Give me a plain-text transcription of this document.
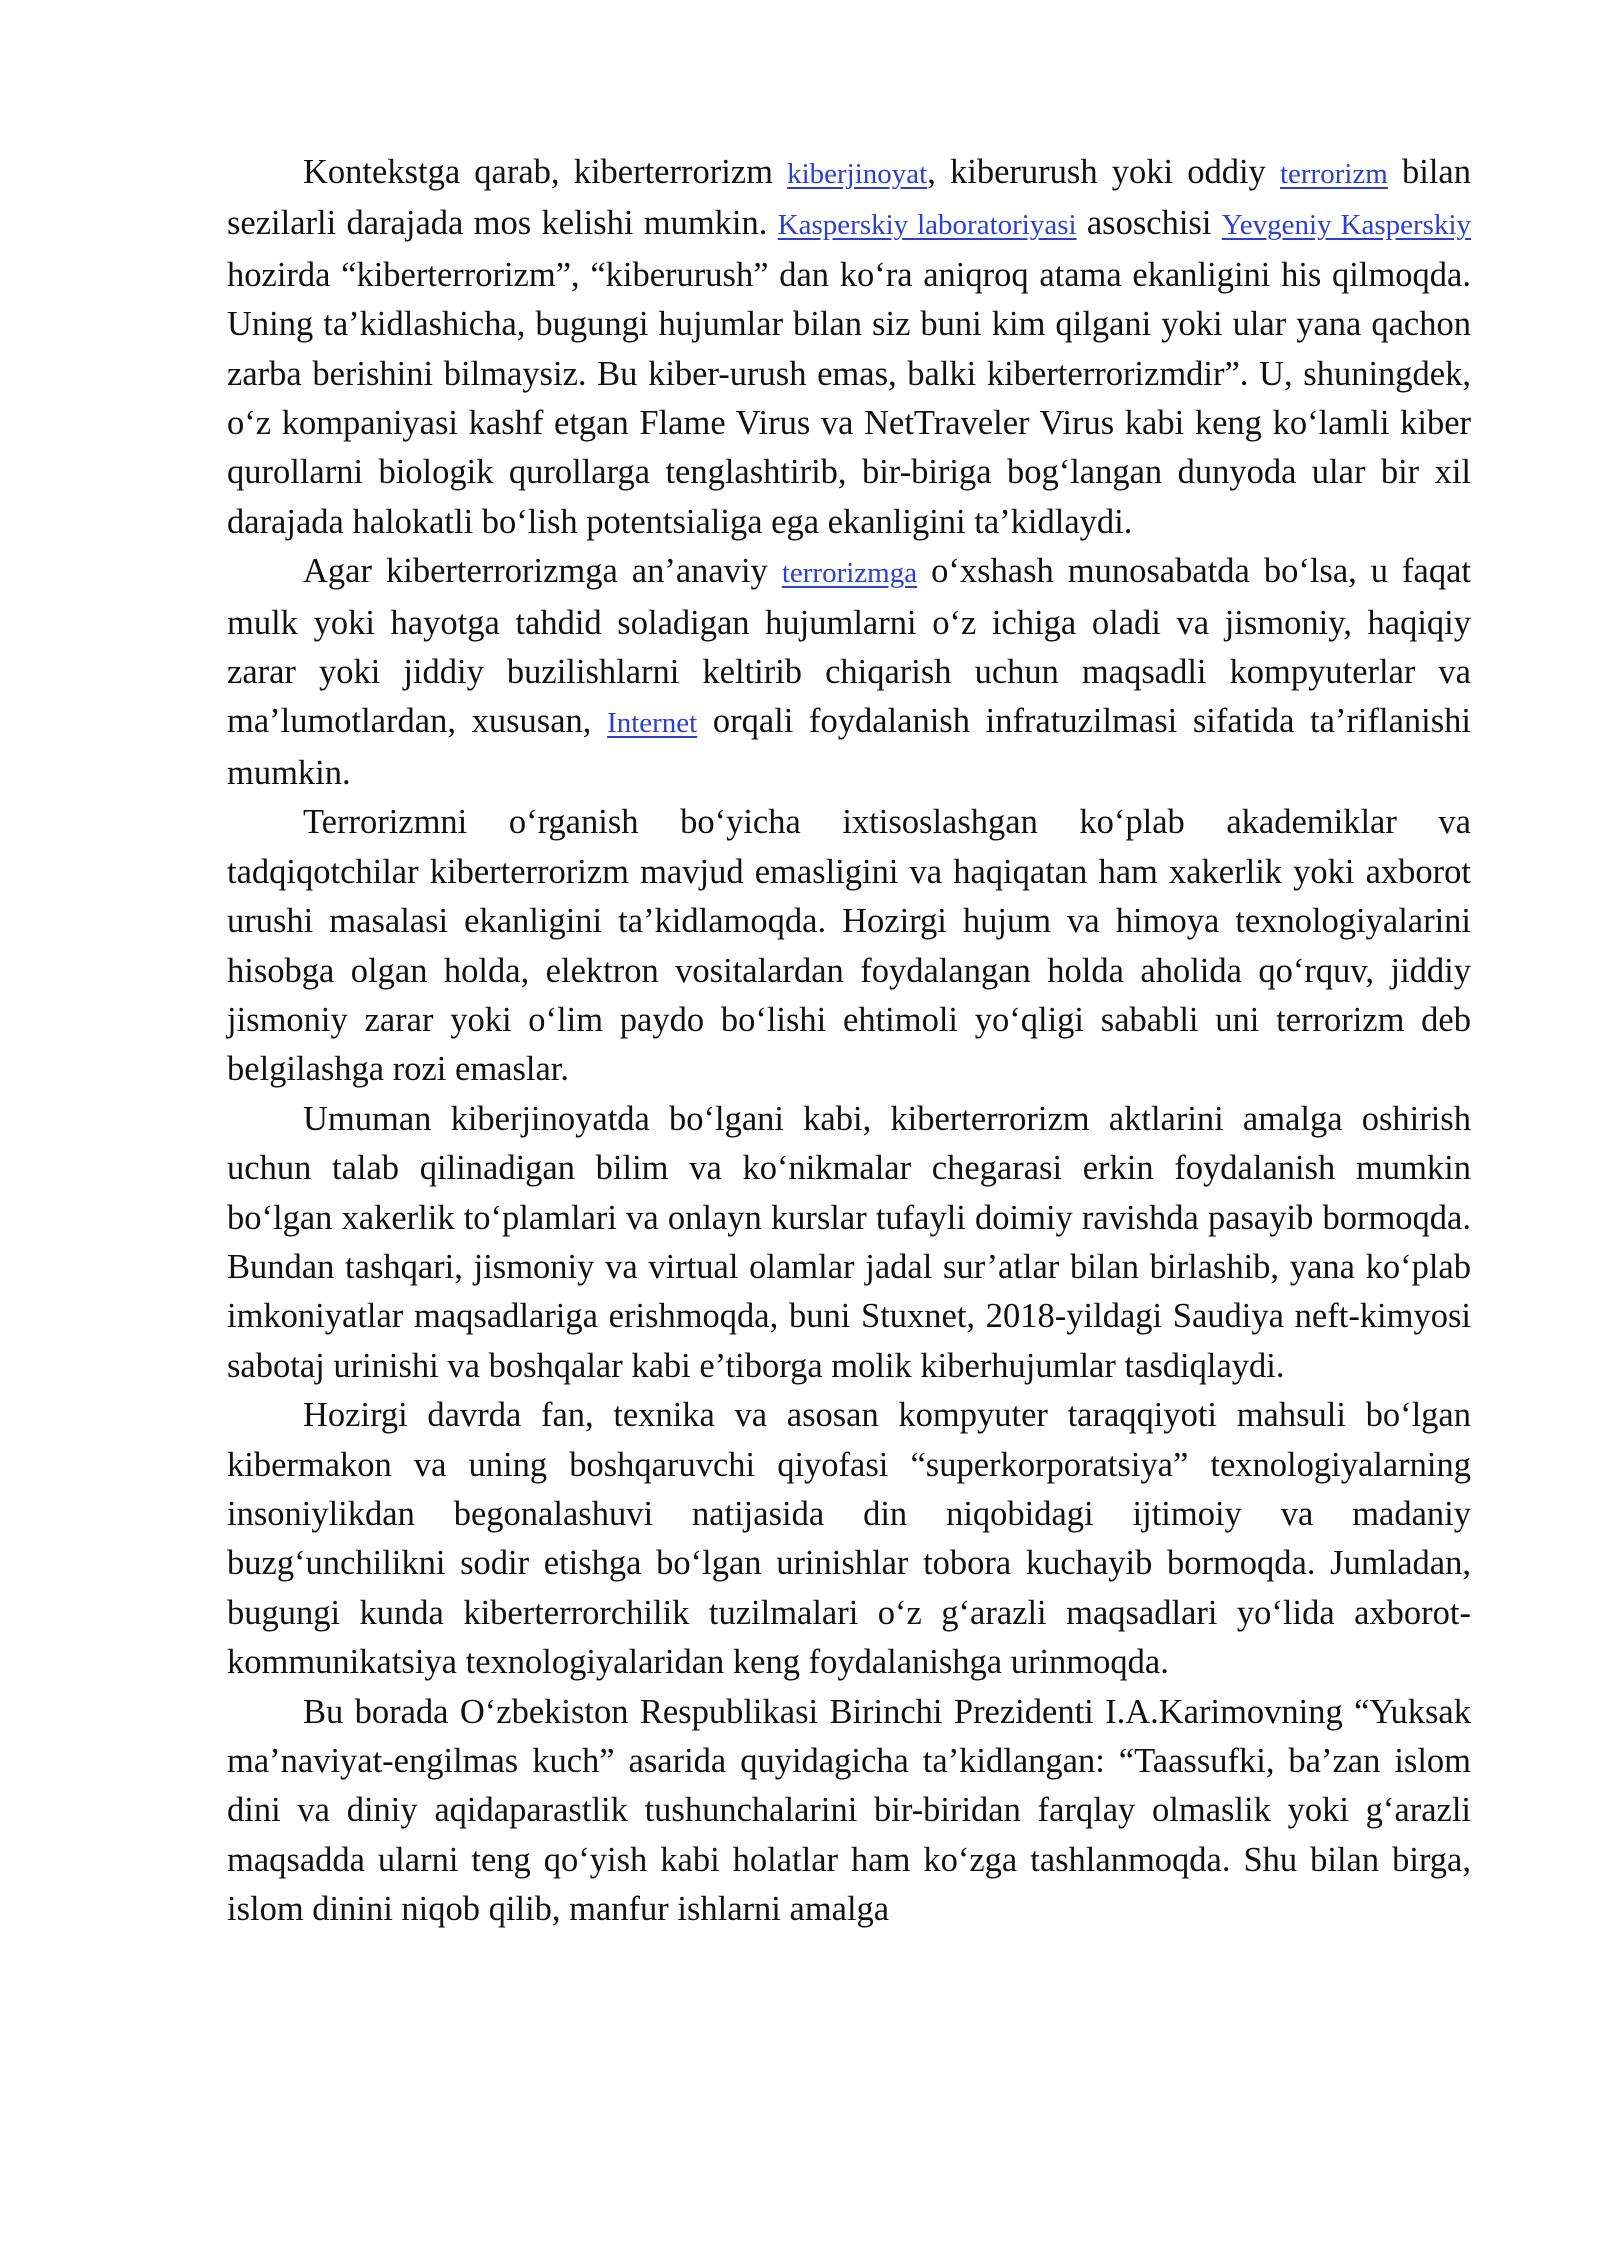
Kontekstga qarab, kiberterrorizm kiberjinoyat, kiberurush yoki oddiy terrorizm bilan sezilarli darajada mos kelishi mumkin. Kasperskiy laboratoriyasi asoschisi Yevgeniy Kasperskiy hozirda “kiberterrorizm”, “kiberurush” dan ko‘ra aniqroq atama ekanligini his qilmoqda. Uning ta’kidlashicha, bugungi hujumlar bilan siz buni kim qilgani yoki ular yana qachon zarba berishini bilmaysiz. Bu kiber-urush emas, balki kiberterrorizmdir”. U, shuningdek, o‘z kompaniyasi kashf etgan Flame Virus va NetTraveler Virus kabi keng ko‘lamli kiber qurollarni biologik qurollarga tenglashtirib, bir-biriga bog‘langan dunyoda ular bir xil darajada halokatli bo‘lish potentsialiga ega ekanligini ta’kidlaydi.

Agar kiberterrorizmga an’anaviy terrorizmga o‘xshash munosabatda bo‘lsa, u faqat mulk yoki hayotga tahdid soladigan hujumlarni o‘z ichiga oladi va jismoniy, haqiqiy zarar yoki jiddiy buzilishlarni keltirib chiqarish uchun maqsadli kompyuterlar va ma’lumotlardan, xususan, Internet orqali foydalanish infratuzilmasi sifatida ta’riflanishi mumkin.

Terrorizmni o‘rganish bo‘yicha ixtisoslashgan ko‘plab akademiklar va tadqiqotchilar kiberterrorizm mavjud emasligini va haqiqatan ham xakerlik yoki axborot urushi masalasi ekanligini ta’kidlamoqda. Hozirgi hujum va himoya texnologiyalarini hisobga olgan holda, elektron vositalardan foydalangan holda aholida qo‘rquv, jiddiy jismoniy zarar yoki o‘lim paydo bo‘lishi ehtimoli yo‘qligi sababli uni terrorizm deb belgilashga rozi emaslar.

Umuman kiberjinoyatda bo‘lgani kabi, kiberterrorizm aktlarini amalga oshirish uchun talab qilinadigan bilim va ko‘nikmalar chegarasi erkin foydalanish mumkin bo‘lgan xakerlik to‘plamlari va onlayn kurslar tufayli doimiy ravishda pasayib bormoqda. Bundan tashqari, jismoniy va virtual olamlar jadal sur’atlar bilan birlashib, yana ko‘plab imkoniyatlar maqsadlariga erishmoqda, buni Stuxnet, 2018-yildagi Saudiya neft-kimyosi sabotaj urinishi va boshqalar kabi e’tiborga molik kiberhujumlar tasdiqlaydi.

Hozirgi davrda fan, texnika va asosan kompyuter taraqqiyoti mahsuli bo‘lgan kibermakon va uning boshqaruvchi qiyofasi “superkorporatsiya” texnologiyalarning insoniylikdan begonalashuvi natijasida din niqobidagi ijtimoiy va madaniy buzg‘unchilikni sodir etishga bo‘lgan urinishlar tobora kuchayib bormoqda. Jumladan, bugungi kunda kiberterrorchilik tuzilmalari o‘z g‘arazli maqsadlari yo‘lida axborot-kommunikatsiya texnologiyalaridan keng foydalanishga urinmoqda.

Bu borada O‘zbekiston Respublikasi Birinchi Prezidenti I.A.Karimovning “Yuksak ma’naviyat-engilmas kuch” asarida quyidagicha ta’kidlangan: “Taassufki, ba’zan islom dini va diniy aqidaparastlik tushunchalarini bir-biridan farqlay olmaslik yoki g‘arazli maqsadda ularni teng qo‘yish kabi holatlar ham ko‘zga tashlanmoqda. Shu bilan birga, islom dinini niqob qilib, manfur ishlarni amalga
